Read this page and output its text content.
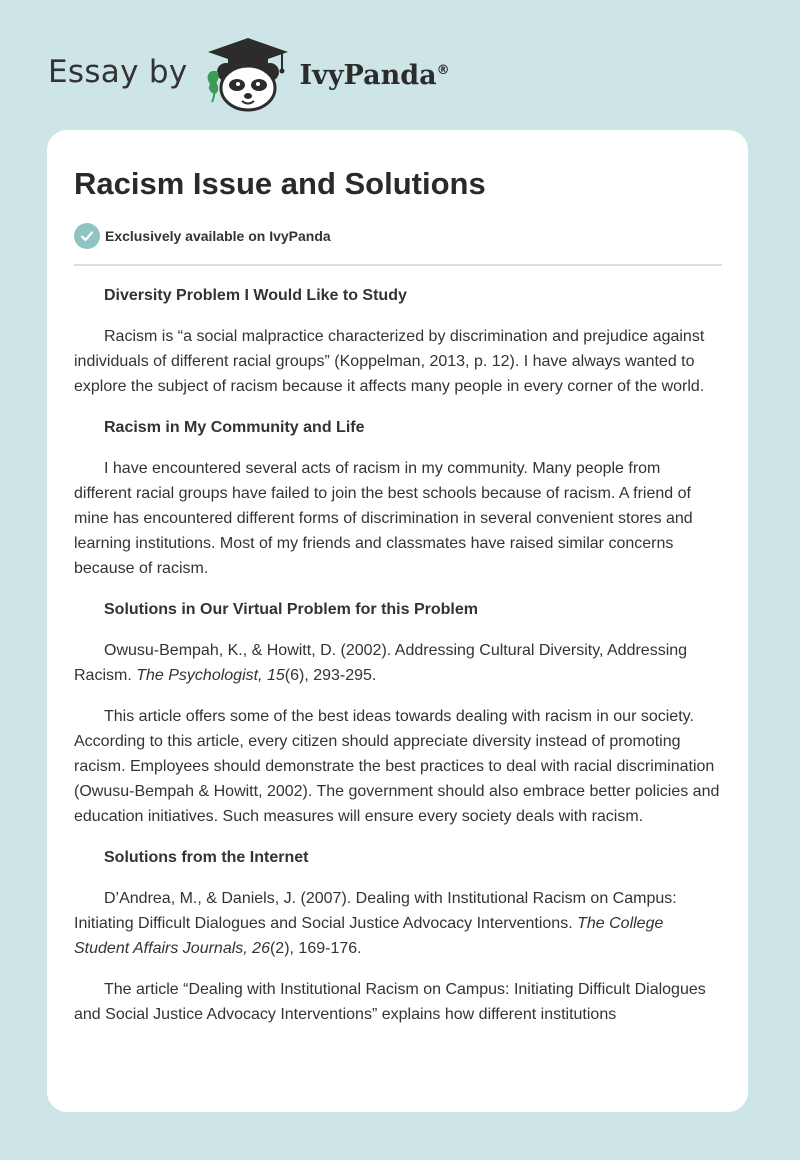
Essay by	IvyPanda®
Racism Issue and Solutions
Exclusively available on IvyPanda
Diversity Problem I Would Like to Study

Racism is “a social malpractice characterized by discrimination and prejudice against individuals of different racial groups” (Koppelman, 2013, p. 12). I have always wanted to explore the subject of racism because it affects many people in every corner of the world.

Racism in My Community and Life

I have encountered several acts of racism in my community. Many people from different racial groups have failed to join the best schools because of racism. A friend of mine has encountered different forms of discrimination in several convenient stores and learning institutions. Most of my friends and classmates have raised similar concerns because of racism.

Solutions in Our Virtual Problem for this Problem

Owusu-Bempah, K., & Howitt, D. (2002). Addressing Cultural Diversity, Addressing Racism. The Psychologist, 15(6), 293-295.

This article offers some of the best ideas towards dealing with racism in our society. According to this article, every citizen should appreciate diversity instead of promoting racism. Employees should demonstrate the best practices to deal with racial discrimination (Owusu-Bempah & Howitt, 2002). The government should also embrace better policies and education initiatives. Such measures will ensure every society deals with racism.

Solutions from the Internet

D’Andrea, M., & Daniels, J. (2007). Dealing with Institutional Racism on Campus: Initiating Difficult Dialogues and Social Justice Advocacy Interventions. The College Student Affairs Journals, 26(2), 169-176.

The article “Dealing with Institutional Racism on Campus: Initiating Difficult Dialogues and Social Justice Advocacy Interventions” explains how different institutions
